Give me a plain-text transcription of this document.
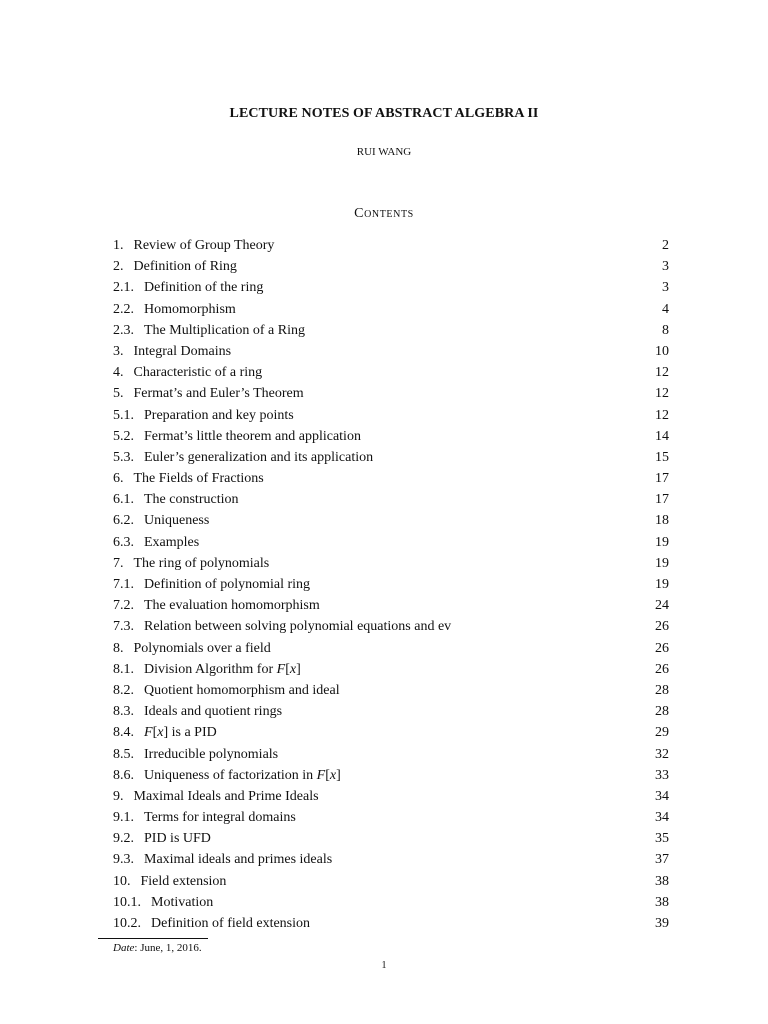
LECTURE NOTES OF ABSTRACT ALGEBRA II
RUI WANG
Contents
1. Review of Group Theory	2
2. Definition of Ring	3
2.1. Definition of the ring	3
2.2. Homomorphism	4
2.3. The Multiplication of a Ring	8
3. Integral Domains	10
4. Characteristic of a ring	12
5. Fermat’s and Euler’s Theorem	12
5.1. Preparation and key points	12
5.2. Fermat’s little theorem and application	14
5.3. Euler’s generalization and its application	15
6. The Fields of Fractions	17
6.1. The construction	17
6.2. Uniqueness	18
6.3. Examples	19
7. The ring of polynomials	19
7.1. Definition of polynomial ring	19
7.2. The evaluation homomorphism	24
7.3. Relation between solving polynomial equations and ev	26
8. Polynomials over a field	26
8.1. Division Algorithm for F[x]	26
8.2. Quotient homomorphism and ideal	28
8.3. Ideals and quotient rings	28
8.4. F[x] is a PID	29
8.5. Irreducible polynomials	32
8.6. Uniqueness of factorization in F[x]	33
9. Maximal Ideals and Prime Ideals	34
9.1. Terms for integral domains	34
9.2. PID is UFD	35
9.3. Maximal ideals and primes ideals	37
10. Field extension	38
10.1. Motivation	38
10.2. Definition of field extension	39
Date: June, 1, 2016.
1
